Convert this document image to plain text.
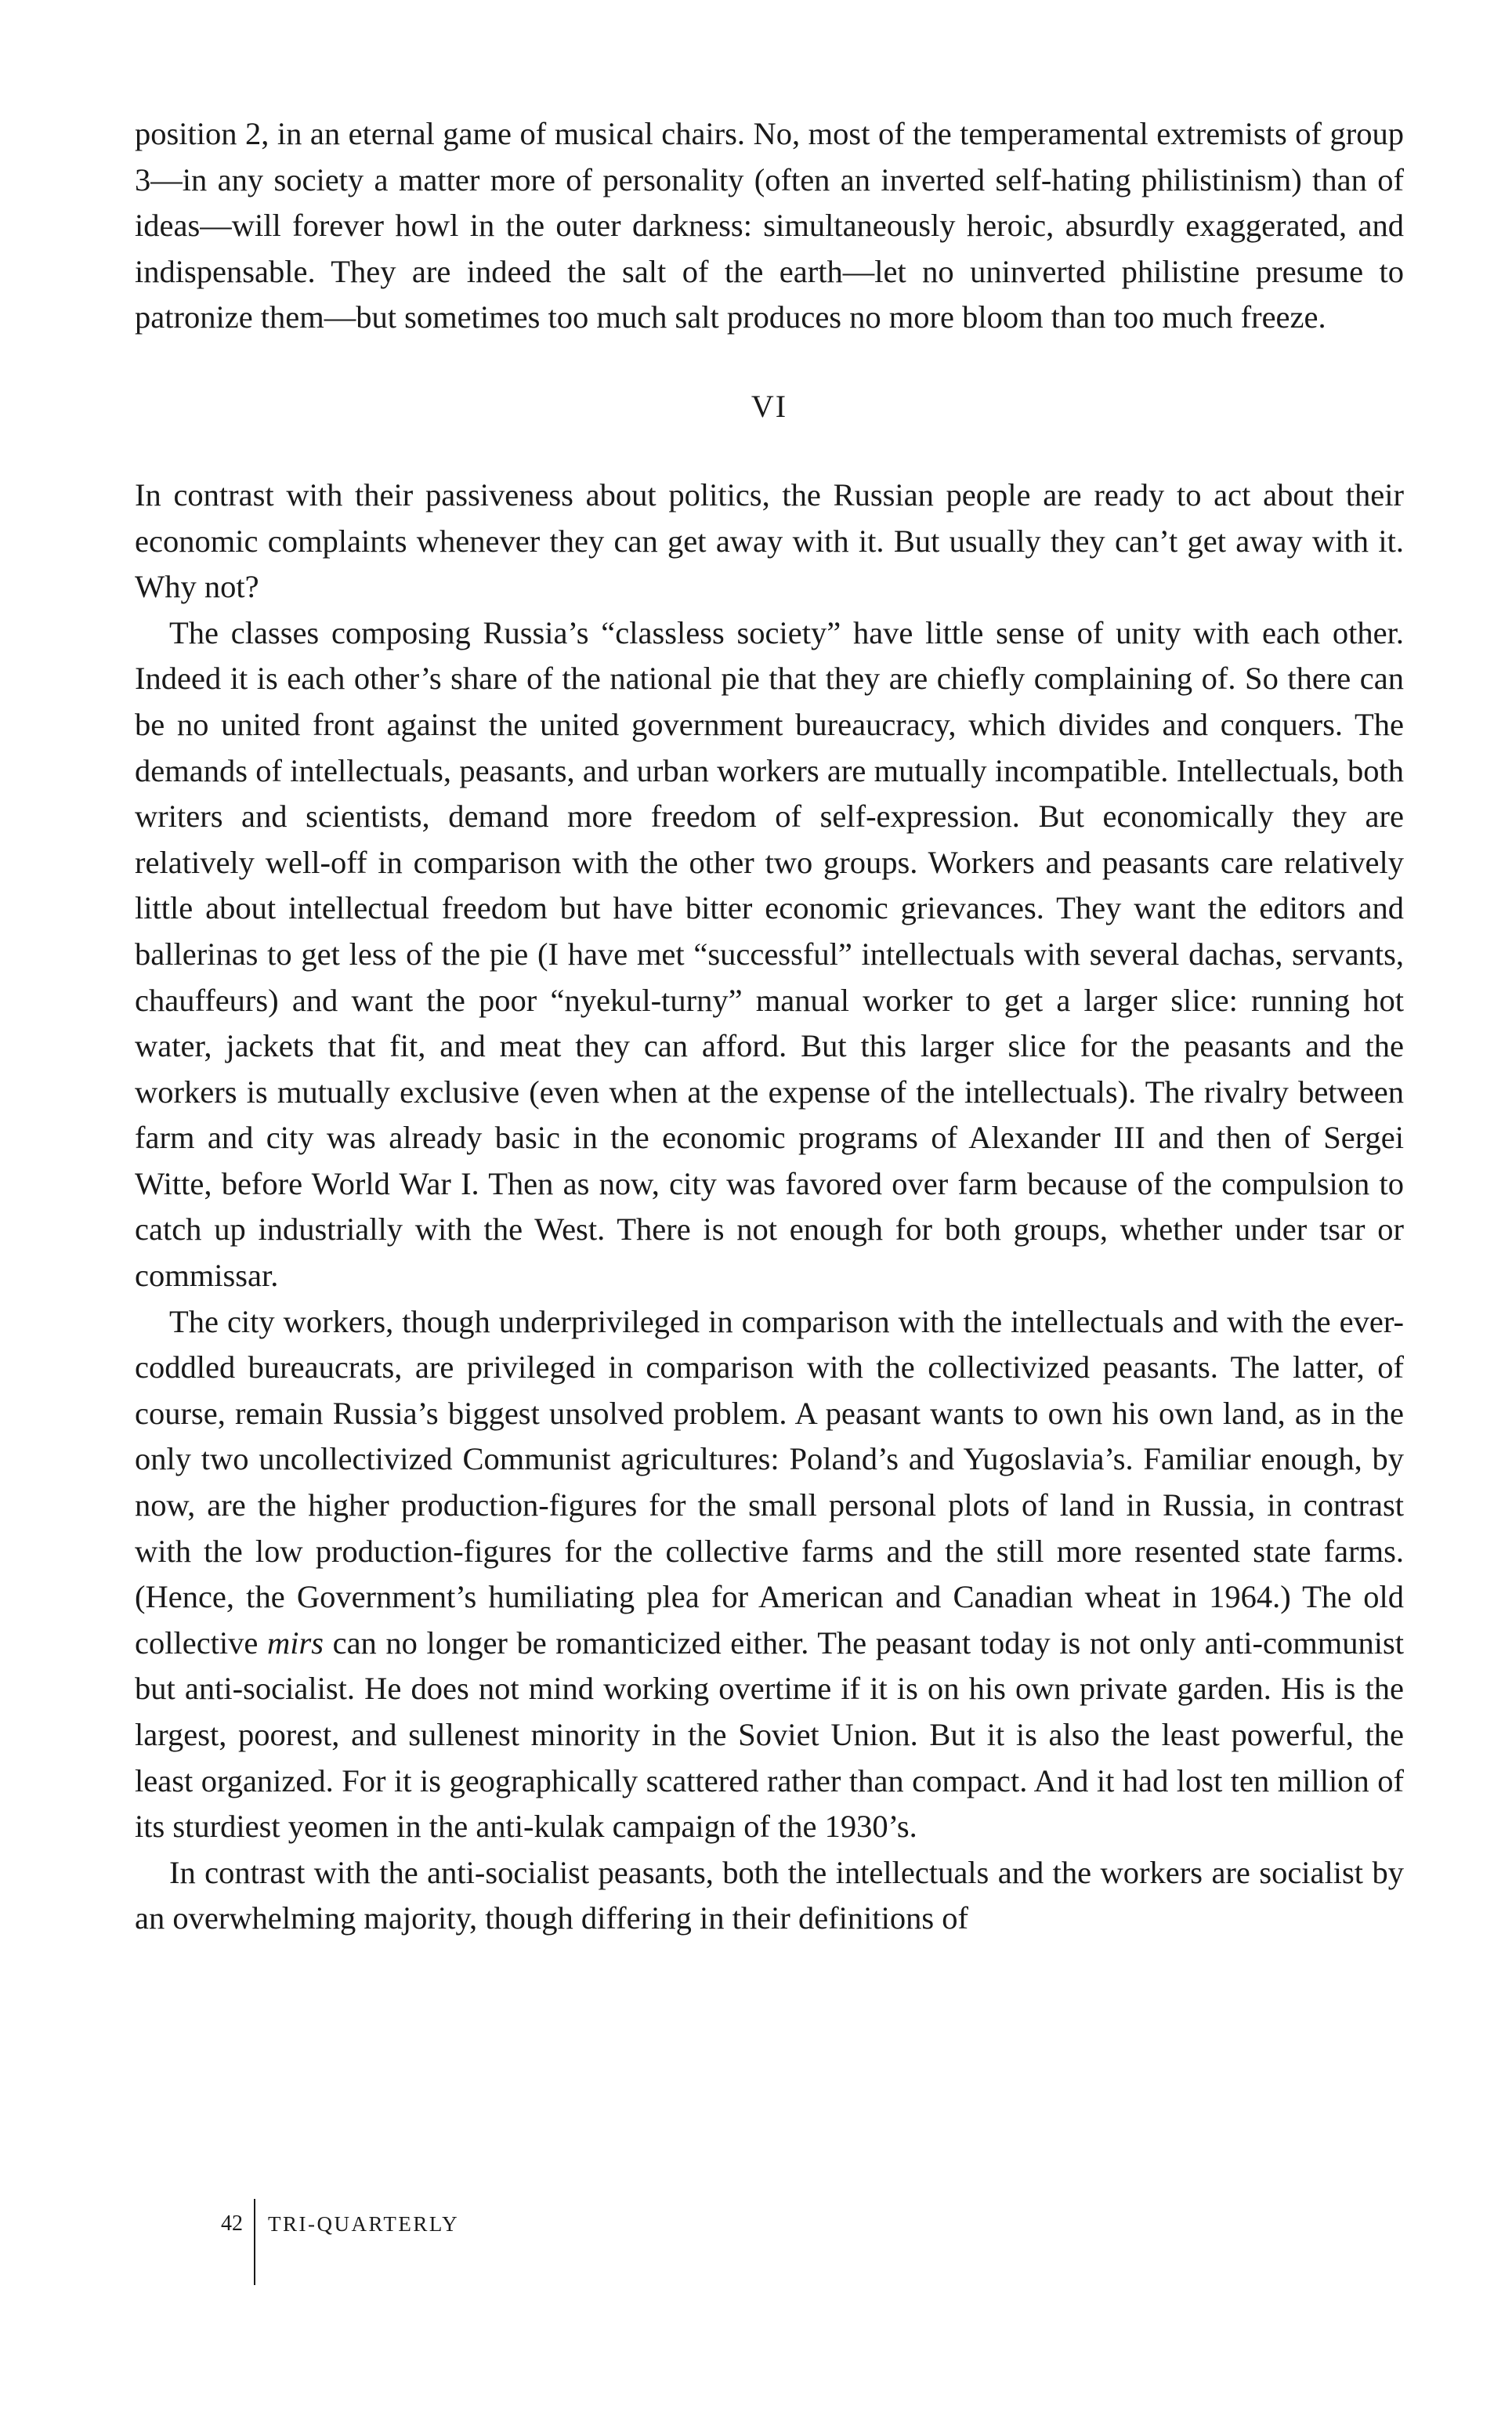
position 2, in an eternal game of musical chairs. No, most of the temperamental extremists of group 3—in any society a matter more of personality (often an inverted self-hating philistinism) than of ideas—will forever howl in the outer darkness: simultaneously heroic, absurdly exaggerated, and indispensable. They are indeed the salt of the earth—let no uninverted philistine presume to patronize them—but sometimes too much salt produces no more bloom than too much freeze.

VI

In contrast with their passiveness about politics, the Russian people are ready to act about their economic complaints whenever they can get away with it. But usually they can’t get away with it. Why not?

The classes composing Russia’s “classless society” have little sense of unity with each other. Indeed it is each other’s share of the national pie that they are chiefly complaining of. So there can be no united front against the united government bureaucracy, which divides and conquers. The demands of intellectuals, peasants, and urban workers are mutually incompatible. Intellectuals, both writers and scientists, demand more freedom of self-expression. But economically they are relatively well-off in comparison with the other two groups. Workers and peasants care relatively little about intellectual freedom but have bitter economic grievances. They want the editors and ballerinas to get less of the pie (I have met “successful” intellectuals with several dachas, servants, chauffeurs) and want the poor “nyekul-turny” manual worker to get a larger slice: running hot water, jackets that fit, and meat they can afford. But this larger slice for the peasants and the workers is mutually exclusive (even when at the expense of the intellectuals). The rivalry between farm and city was already basic in the economic programs of Alexander III and then of Sergei Witte, before World War I. Then as now, city was favored over farm because of the compulsion to catch up industrially with the West. There is not enough for both groups, whether under tsar or commissar.

The city workers, though underprivileged in comparison with the intellectuals and with the ever-coddled bureaucrats, are privileged in comparison with the collectivized peasants. The latter, of course, remain Russia’s biggest unsolved problem. A peasant wants to own his own land, as in the only two uncollectivized Communist agricultures: Poland’s and Yugoslavia’s. Familiar enough, by now, are the higher production-figures for the small personal plots of land in Russia, in contrast with the low production-figures for the collective farms and the still more resented state farms. (Hence, the Government’s humiliating plea for American and Canadian wheat in 1964.) The old collective mirs can no longer be romanticized either. The peasant today is not only anti-communist but anti-socialist. He does not mind working overtime if it is on his own private garden. His is the largest, poorest, and sullenest minority in the Soviet Union. But it is also the least powerful, the least organized. For it is geographically scattered rather than compact. And it had lost ten million of its sturdiest yeomen in the anti-kulak campaign of the 1930’s.

In contrast with the anti-socialist peasants, both the intellectuals and the workers are socialist by an overwhelming majority, though differing in their definitions of

42	TRI-QUARTERLY
